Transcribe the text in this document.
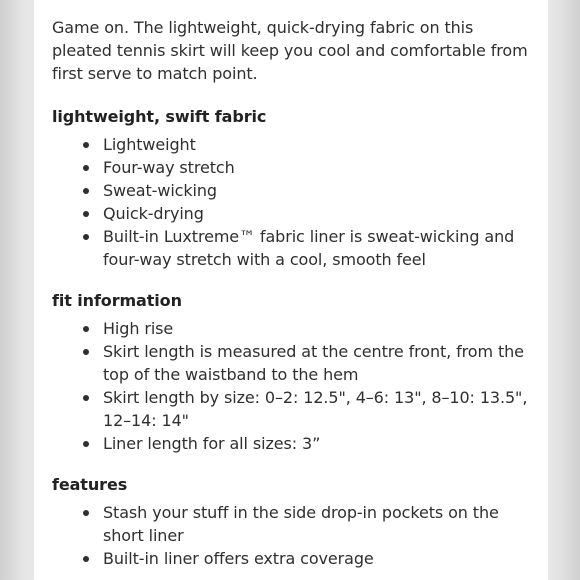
Game on. The lightweight, quick-drying fabric on this pleated tennis skirt will keep you cool and comfortable from first serve to match point.

lightweight, swift fabric
Lightweight
Four-way stretch
Sweat-wicking
Quick-drying
Built-in Luxtreme™ fabric liner is sweat-wicking and four-way stretch with a cool, smooth feel
fit information
High rise
Skirt length is measured at the centre front, from the top of the waistband to the hem
Skirt length by size: 0–2: 12.5", 4–6: 13", 8–10: 13.5", 12–14: 14"
Liner length for all sizes: 3”
features
Stash your stuff in the side drop-in pockets on the short liner
Built-in liner offers extra coverage
